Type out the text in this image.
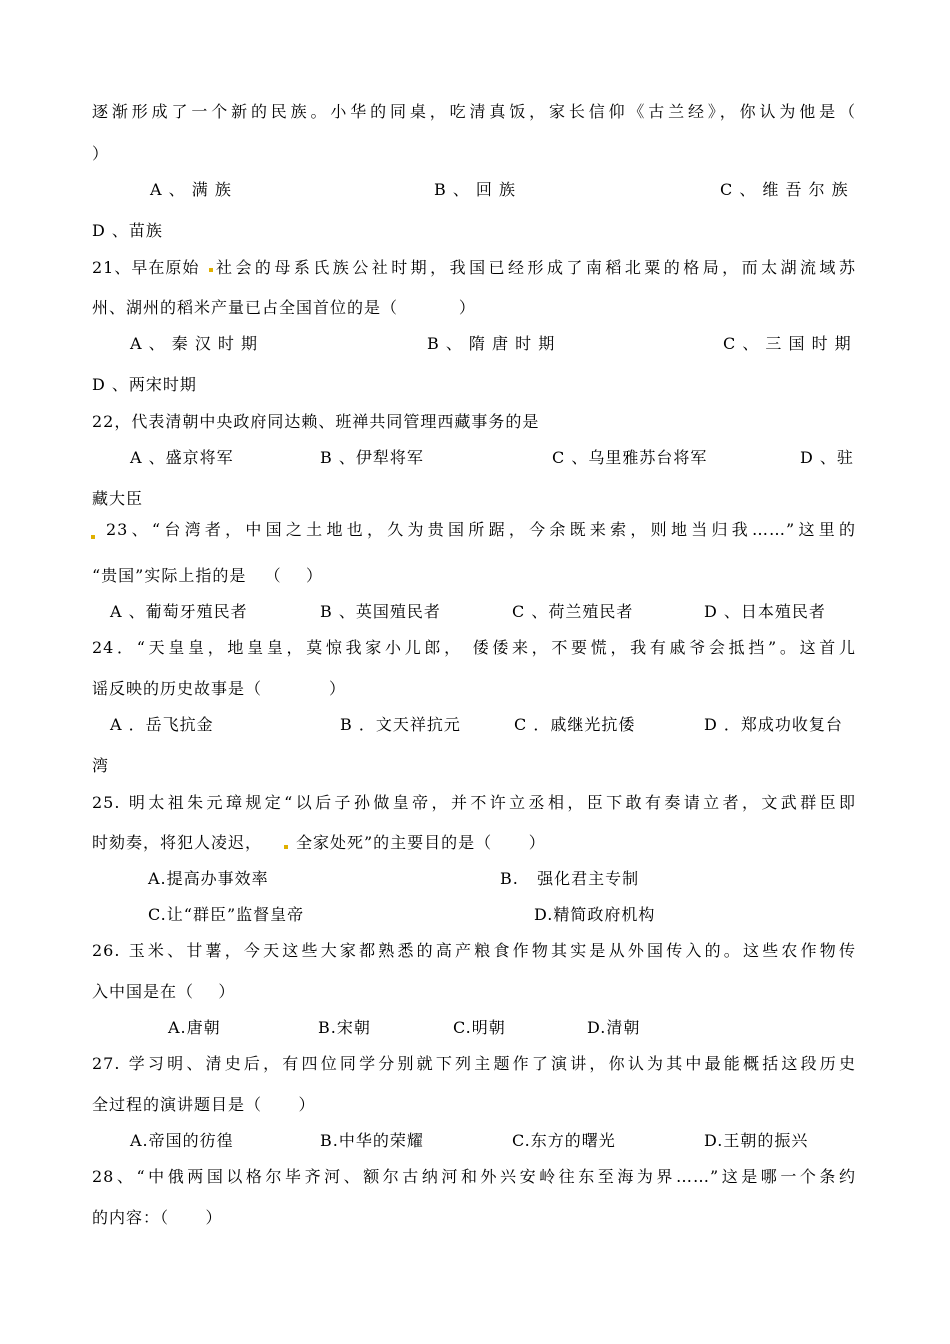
逐渐形成了一个新的民族。小华的同桌，吃清真饭，家长信仰《古兰经》，你认为他是（
）
A 、 满 族	B 、 回 族	C 、 维 吾 尔 族
D 、苗族
21、早在原始 社会的母系氏族公社时期，我国已经形成了南稻北粟的格局，而太湖流域苏
州、湖州的稻米产量已占全国首位的是（          ）
A 、 秦 汉 时 期	B 、 隋 唐 时 期	C 、 三 国 时 期
D 、两宋时期
22，代表清朝中央政府同达赖、班禅共同管理西藏事务的是
A 、盛京将军	B 、伊犁将军	C 、乌里雅苏台将军	D 、驻
藏大臣
23、“台湾者，中国之土地也，久为贵国所踞，今余既来索，则地当归我……”这里的
“贵国”实际上指的是   （    ）
A 、葡萄牙殖民者	B 、英国殖民者	C 、荷兰殖民者	D 、日本殖民者
24．“天皇皇，地皇皇，莫惊我家小儿郎， 倭倭来，不要慌，我有戚爷会抵挡”。这首儿
谣反映的历史故事是（           ）
A ．岳飞抗金	B ．文天祥抗元	C ．戚继光抗倭	D ．郑成功收复台
湾
25. 明太祖朱元璋规定“以后子孙做皇帝，并不许立丞相，臣下敢有奏请立者，文武群臣即
时劾奏，将犯人凌迟， 全家处死”的主要目的是（      ）
A.提高办事效率	B.   强化君主专制
C.让“群臣”监督皇帝	D.精简政府机构
26. 玉米、甘薯，今天这些大家都熟悉的高产粮食作物其实是从外国传入的。这些农作物传
入中国是在（    ）
A.唐朝	B.宋朝	C.明朝	D.清朝
27. 学习明、清史后，有四位同学分别就下列主题作了演讲，你认为其中最能概括这段历史
全过程的演讲题目是（      ）
A.帝国的彷徨	B.中华的荣耀	C.东方的曙光	D.王朝的振兴
28、“中俄两国以格尔毕齐河、额尔古纳河和外兴安岭往东至海为界……”这是哪一个条约
的内容：（      ）
